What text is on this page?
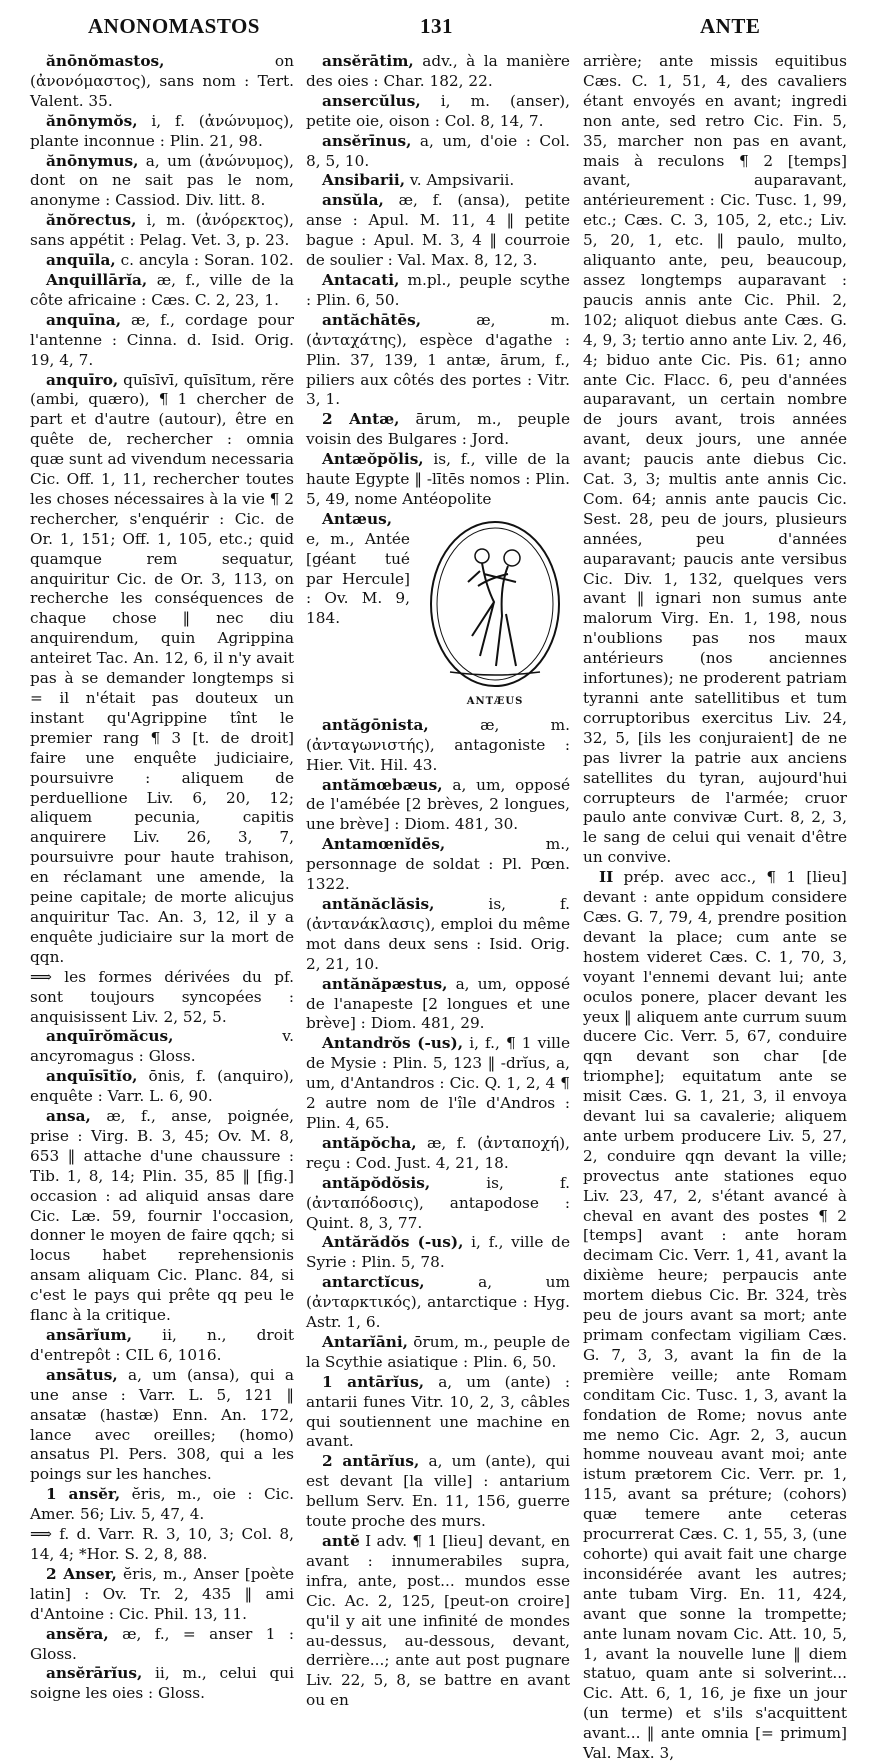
ANONOMASTOS	131	ANTE

ănōnŏmastos, on (ἀνονόμαστος), sans nom : Tert. Valent. 35.

ănōnymŏs, i, f. (ἀνώνυμος), plante inconnue : Plin. 21, 98.

ănōnymus, a, um (ἀνώνυμος), dont on ne sait pas le nom, anonyme : Cassiod. Div. litt. 8.

ănŏrectus, i, m. (ἀνόρεκτος), sans appétit : Pelag. Vet. 3, p. 23.

anquīla, c. ancyla : Soran. 102.

Anquillārĭa, æ, f., ville de la côte africaine : Cæs. C. 2, 23, 1.

anquīna, æ, f., cordage pour l'antenne : Cinna. d. Isid. Orig. 19, 4, 7.

anquīro, quīsīvī, quīsītum, rĕre (ambi, quæro), ¶ 1 chercher de part et d'autre (autour), être en quête de, rechercher : omnia quæ sunt ad vivendum necessaria Cic. Off. 1, 11, rechercher toutes les choses nécessaires à la vie ¶ 2 rechercher, s'enquérir : Cic. de Or. 1, 151; Off. 1, 105, etc.; quid quamque rem sequatur, anquiritur Cic. de Or. 3, 113, on recherche les conséquences de chaque chose ‖ nec diu anquirendum, quin Agrippina anteiret Tac. An. 12, 6, il n'y avait pas à se demander longtemps si = il n'était pas douteux un instant qu'Agrippine tînt le premier rang ¶ 3 [t. de droit] faire une enquête judiciaire, poursuivre : aliquem de perduellione Liv. 6, 20, 12; aliquem pecunia, capitis anquirere Liv. 26, 3, 7, poursuivre pour haute trahison, en réclamant une amende, la peine capitale; de morte alicujus anquiritur Tac. An. 3, 12, il y a enquête judiciaire sur la mort de qqn.

⟹ les formes dérivées du pf. sont toujours syncopées : anquisissent Liv. 2, 52, 5.

anquīrŏmăcus, v. ancyromagus : Gloss.

anquīsītĭo, ōnis, f. (anquiro), enquête : Varr. L. 6, 90.

ansa, æ, f., anse, poignée, prise : Virg. B. 3, 45; Ov. M. 8, 653 ‖ attache d'une chaussure : Tib. 1, 8, 14; Plin. 35, 85 ‖ [fig.] occasion : ad aliquid ansas dare Cic. Læ. 59, fournir l'occasion, donner le moyen de faire qqch; si locus habet reprehensionis ansam aliquam Cic. Planc. 84, si c'est le pays qui prête qq peu le flanc à la critique.

ansārĭum, ii, n., droit d'entrepôt : CIL 6, 1016.

ansātus, a, um (ansa), qui a une anse : Varr. L. 5, 121 ‖ ansatæ (hastæ) Enn. An. 172, lance avec oreilles; (homo) ansatus Pl. Pers. 308, qui a les poings sur les hanches.

1 ansĕr, ĕris, m., oie : Cic. Amer. 56; Liv. 5, 47, 4.

⟹ f. d. Varr. R. 3, 10, 3; Col. 8, 14, 4; *Hor. S. 2, 8, 88.

2 Anser, ĕris, m., Anser [poète latin] : Ov. Tr. 2, 435 ‖ ami d'Antoine : Cic. Phil. 13, 11.

ansĕra, æ, f., = anser 1 : Gloss.

ansĕrārĭus, ii, m., celui qui soigne les oies : Gloss.

ansĕrātim, adv., à la manière des oies : Char. 182, 22.

ansercŭlus, i, m. (anser), petite oie, oison : Col. 8, 14, 7.

ansĕrīnus, a, um, d'oie : Col. 8, 5, 10.

Ansibarii, v. Ampsivarii.

ansŭla, æ, f. (ansa), petite anse : Apul. M. 11, 4 ‖ petite bague : Apul. M. 3, 4 ‖ courroie de soulier : Val. Max. 8, 12, 3.

Antacati, m.pl., peuple scythe : Plin. 6, 50.

antăchātēs, æ, m. (ἀνταχάτης), espèce d'agathe : Plin. 37, 139, 1 antæ, ārum, f., piliers aux côtés des portes : Vitr. 3, 1.

2 Antæ, ārum, m., peuple voisin des Bulgares : Jord.

Antæŏpŏlis, is, f., ville de la haute Egypte ‖ -lītēs nomos : Plin. 5, 49, nome Antéopolite

ANTÆUS

Antæus, e, m., Antée [géant tué par Hercule] : Ov. M. 9, 184.

antăgōnista, æ, m. (ἀνταγωνιστής), antagoniste : Hier. Vit. Hil. 43.

antămœbæus, a, um, opposé de l'amébée [2 brèves, 2 longues, une brève] : Diom. 481, 30.

Antamœnĭdēs, m., personnage de soldat : Pl. Pœn. 1322.

antănăclăsis, is, f. (ἀντανάκλασις), emploi du même mot dans deux sens : Isid. Orig. 2, 21, 10.

antănăpæstus, a, um, opposé de l'anapeste [2 longues et une brève] : Diom. 481, 29.

Antandrŏs (-us), i, f., ¶ 1 ville de Mysie : Plin. 5, 123 ‖ -drĭus, a, um, d'Antandros : Cic. Q. 1, 2, 4 ¶ 2 autre nom de l'île d'Andros : Plin. 4, 65.

antăpŏcha, æ, f. (ἀνταποχή), reçu : Cod. Just. 4, 21, 18.

antăpŏdŏsis, is, f. (ἀνταπόδοσις), antapodose : Quint. 8, 3, 77.

Antărădŏs (-us), i, f., ville de Syrie : Plin. 5, 78.

antarctĭcus, a, um (ἀνταρκτικός), antarctique : Hyg. Astr. 1, 6.

Antarĭāni, ōrum, m., peuple de la Scythie asiatique : Plin. 6, 50.

1 antārĭus, a, um (ante) : antarii funes Vitr. 10, 2, 3, câbles qui soutiennent une machine en avant.

2 antārĭus, a, um (ante), qui est devant [la ville] : antarium bellum Serv. En. 11, 156, guerre toute proche des murs.

antĕ I adv. ¶ 1 [lieu] devant, en avant : innumerabiles supra, infra, ante, post... mundos esse Cic. Ac. 2, 125, [peut-on croire] qu'il y ait une infinité de mondes au-dessus, au-dessous, devant, derrière...; ante aut post pugnare Liv. 22, 5, 8, se battre en avant ou en

arrière; ante missis equitibus Cæs. C. 1, 51, 4, des cavaliers étant envoyés en avant; ingredi non ante, sed retro Cic. Fin. 5, 35, marcher non pas en avant, mais à reculons ¶ 2 [temps] avant, auparavant, antérieurement : Cic. Tusc. 1, 99, etc.; Cæs. C. 3, 105, 2, etc.; Liv. 5, 20, 1, etc. ‖ paulo, multo, aliquanto ante, peu, beaucoup, assez longtemps auparavant : paucis annis ante Cic. Phil. 2, 102; aliquot diebus ante Cæs. G. 4, 9, 3; tertio anno ante Liv. 2, 46, 4; biduo ante Cic. Pis. 61; anno ante Cic. Flacc. 6, peu d'années auparavant, un certain nombre de jours avant, trois années avant, deux jours, une année avant; paucis ante diebus Cic. Cat. 3, 3; multis ante annis Cic. Com. 64; annis ante paucis Cic. Sest. 28, peu de jours, plusieurs années, peu d'années auparavant; paucis ante versibus Cic. Div. 1, 132, quelques vers avant ‖ ignari non sumus ante malorum Virg. En. 1, 198, nous n'oublions pas nos maux antérieurs (nos anciennes infortunes); ne proderent patriam tyranni ante satellitibus et tum corruptoribus exercitus Liv. 24, 32, 5, [ils les conjuraient] de ne pas livrer la patrie aux anciens satellites du tyran, aujourd'hui corrupteurs de l'armée; cruor paulo ante convivæ Curt. 8, 2, 3, le sang de celui qui venait d'être un convive.

II prép. avec acc., ¶ 1 [lieu] devant : ante oppidum considere Cæs. G. 7, 79, 4, prendre position devant la place; cum ante se hostem videret Cæs. C. 1, 70, 3, voyant l'ennemi devant lui; ante oculos ponere, placer devant les yeux ‖ aliquem ante currum suum ducere Cic. Verr. 5, 67, conduire qqn devant son char [de triomphe]; equitatum ante se misit Cæs. G. 1, 21, 3, il envoya devant lui sa cavalerie; aliquem ante urbem producere Liv. 5, 27, 2, conduire qqn devant la ville; provectus ante stationes equo Liv. 23, 47, 2, s'étant avancé à cheval en avant des postes ¶ 2 [temps] avant : ante horam decimam Cic. Verr. 1, 41, avant la dixième heure; perpaucis ante mortem diebus Cic. Br. 324, très peu de jours avant sa mort; ante primam confectam vigiliam Cæs. G. 7, 3, 3, avant la fin de la première veille; ante Romam conditam Cic. Tusc. 1, 3, avant la fondation de Rome; novus ante me nemo Cic. Agr. 2, 3, aucun homme nouveau avant moi; ante istum prætorem Cic. Verr. pr. 1, 115, avant sa préture; (cohors) quæ temere ante ceteras procurrerat Cæs. C. 1, 55, 3, (une cohorte) qui avait fait une charge inconsidérée avant les autres; ante tubam Virg. En. 11, 424, avant que sonne la trompette; ante lunam novam Cic. Att. 10, 5, 1, avant la nouvelle lune ‖ diem statuo, quam ante si solverint... Cic. Att. 6, 1, 16, je fixe un jour (un terme) et s'ils s'acquittent avant... ‖ ante omnia [= primum] Val. Max. 3,
